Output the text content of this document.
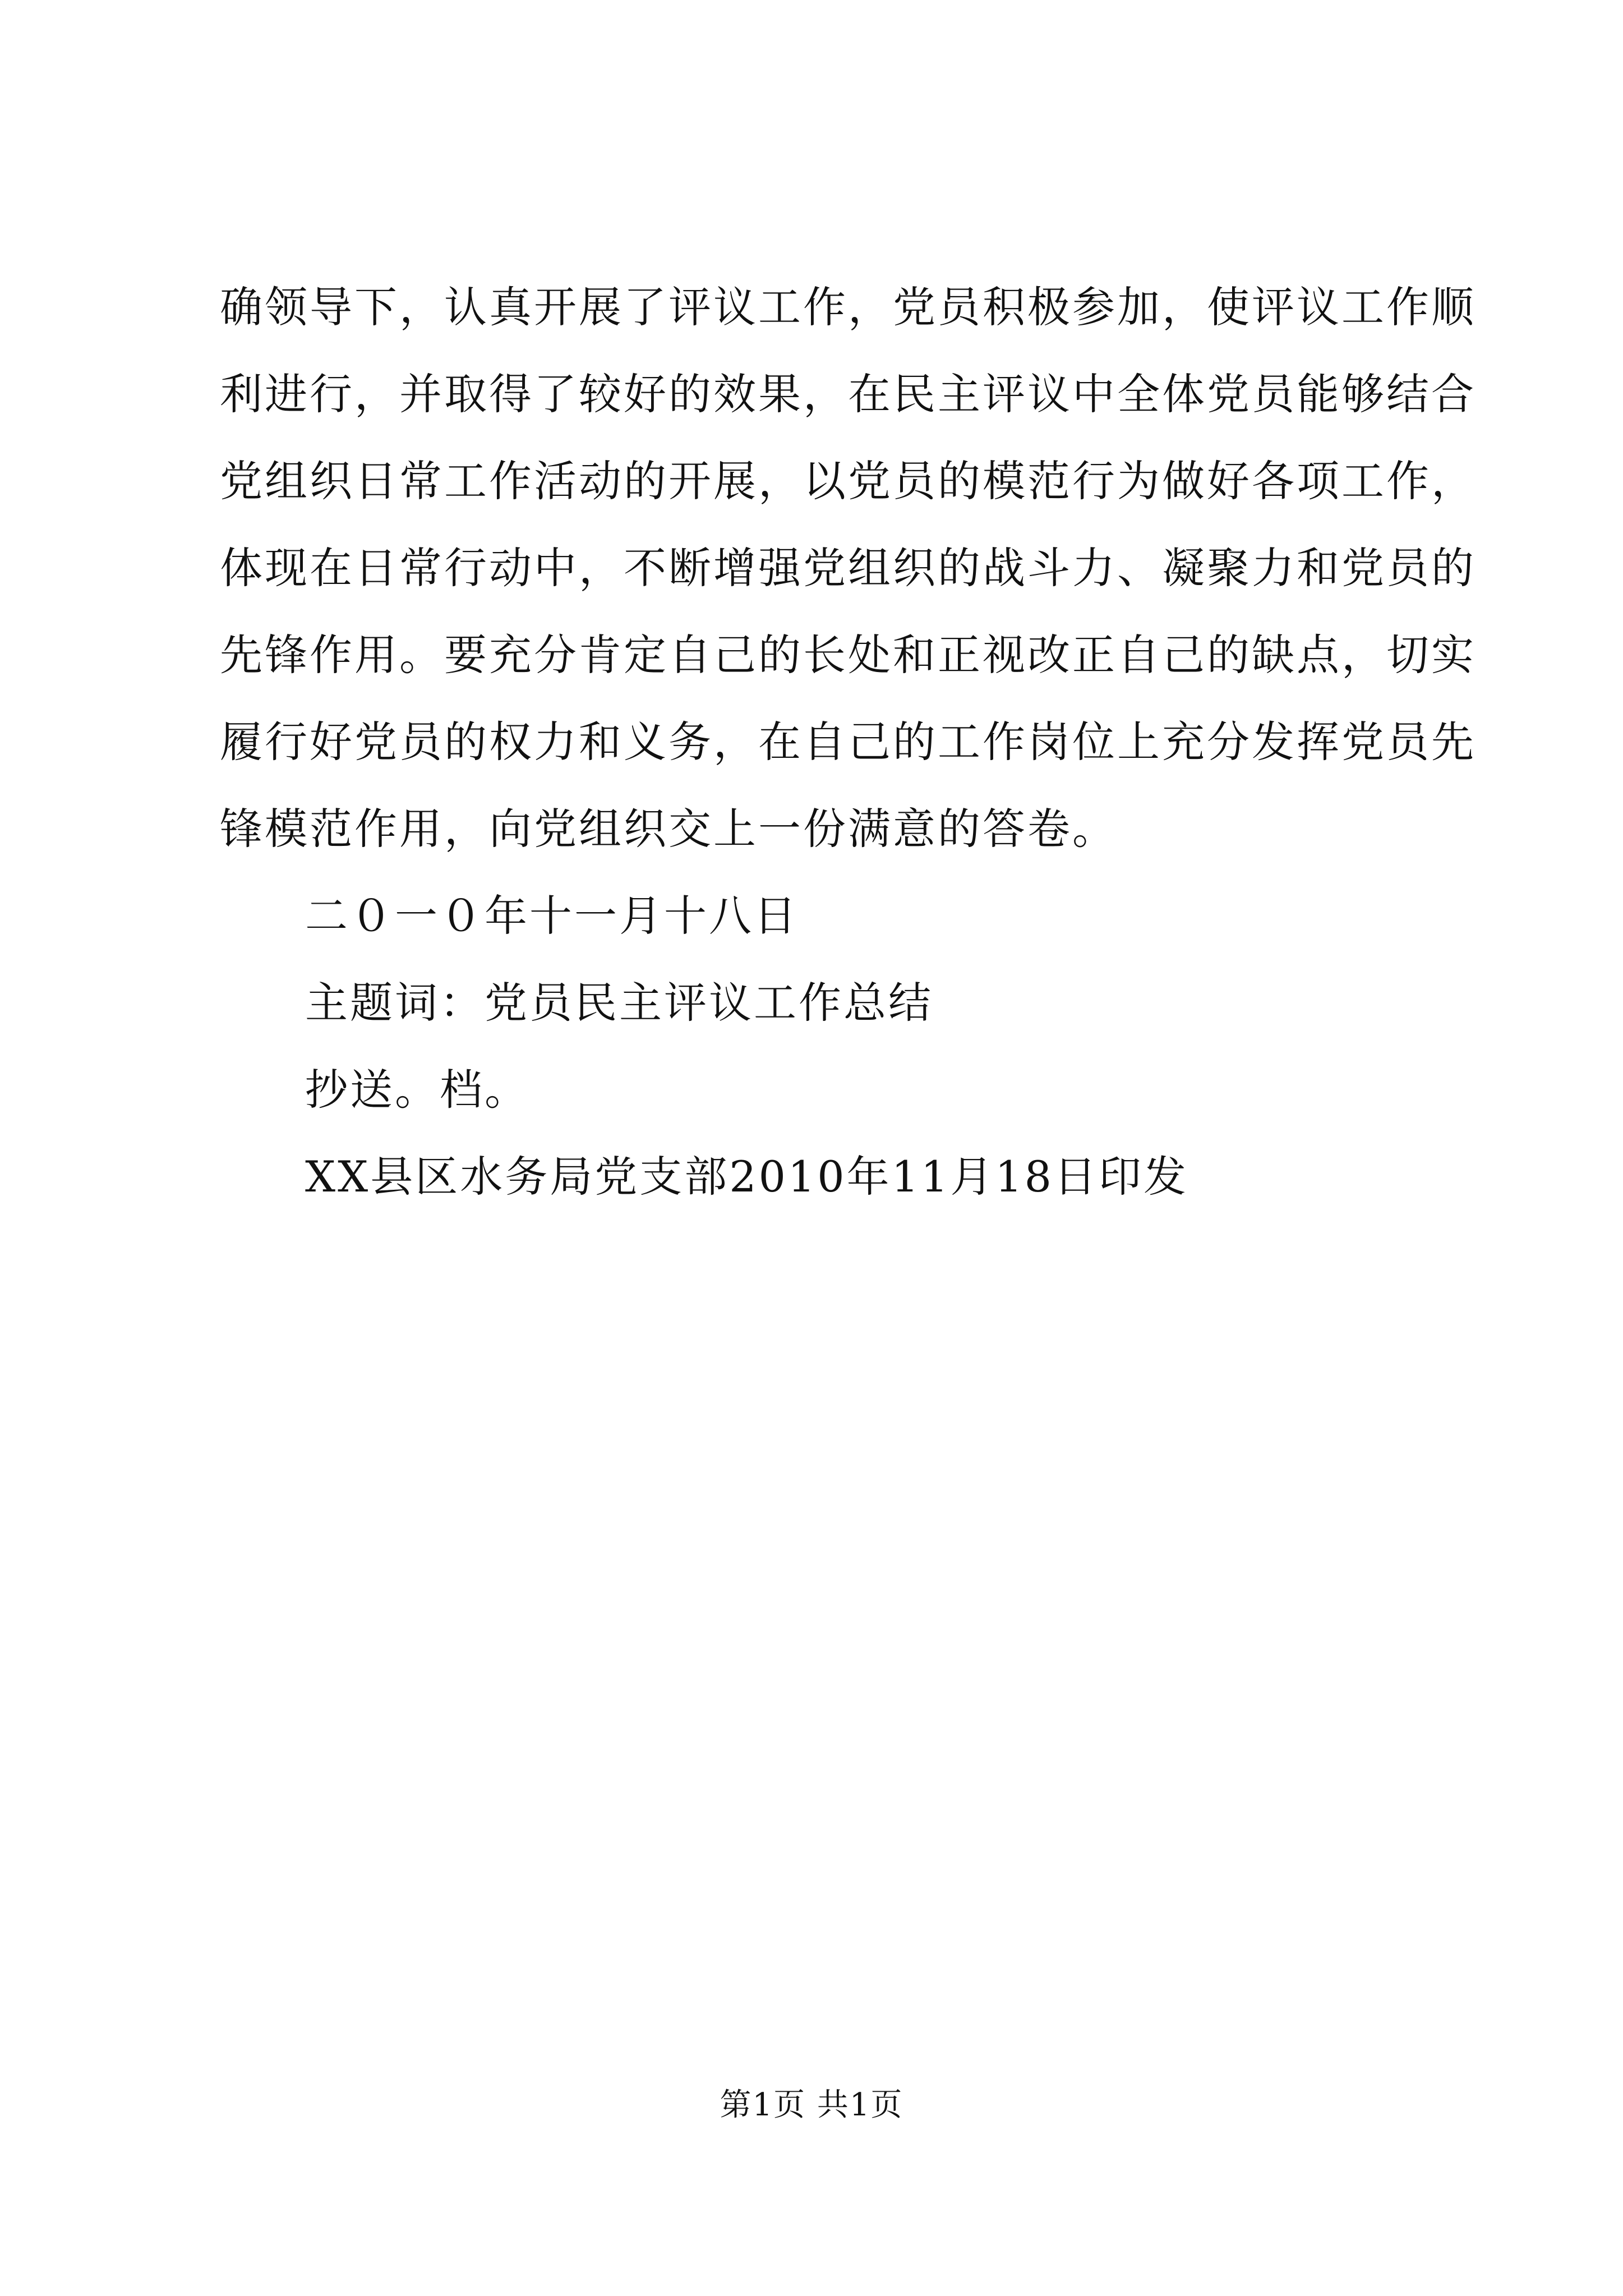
确领导下，认真开展了评议工作，党员积极参加，使评议工作顺
利进行，并取得了较好的效果，在民主评议中全体党员能够结合
党组织日常工作活动的开展，以党员的模范行为做好各项工作，
体现在日常行动中，不断增强党组织的战斗力、凝聚力和党员的
先锋作用。要充分肯定自己的长处和正视改正自己的缺点，切实
履行好党员的权力和义务，在自己的工作岗位上充分发挥党员先
锋模范作用，向党组织交上一份满意的答卷。
二０一０年十一月十八日
主题词：党员民主评议工作总结
抄送。档。
XX县区水务局党支部2010年11月18日印发
第1页 共1页
